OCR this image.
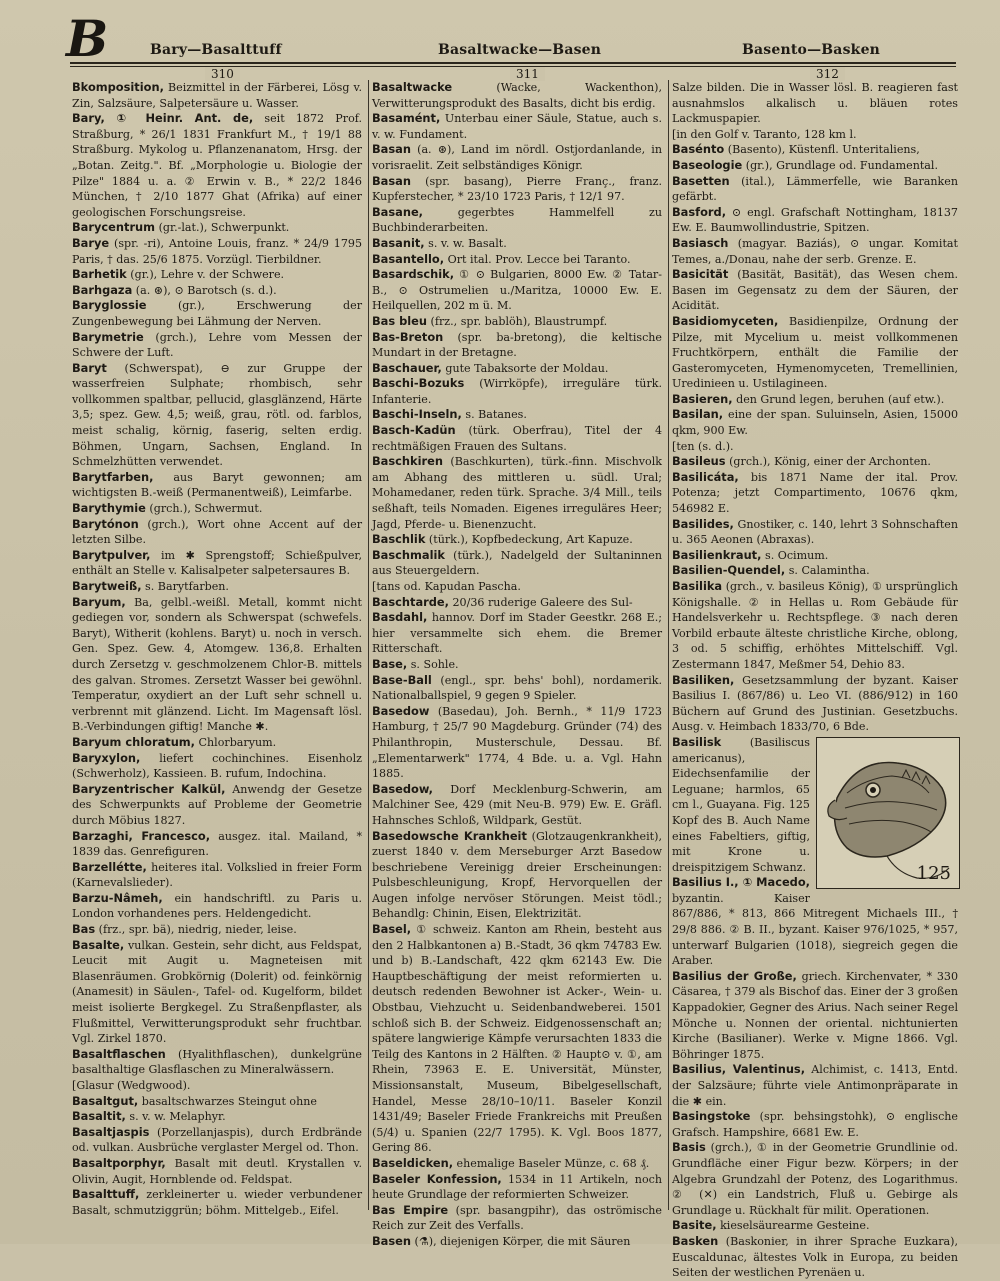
B	Bary—Basalttuff	Basaltwacke—Basen	Basento—Basken
310	311	312

Bkomposition, Beizmittel in der Färberei, Lösg v. Zin, Salzsäure, Salpetersäure u. Wasser.

Bary, ① Heinr. Ant. de, seit 1872 Prof. Straßburg, * 26/1 1831 Frankfurt M., † 19/1 88 Straßburg. Mykolog u. Pflanzenanatom, Hrsg. der „Botan. Zeitg.". Bf. „Morphologie u. Biologie der Pilze" 1884 u. a. ② Erwin v. B., * 22/2 1846 München, † 2/10 1877 Ghat (Afrika) auf einer geologischen Forschungsreise.

Barycentrum (gr.-lat.), Schwerpunkt.

Barye (spr. -ri), Antoine Louis, franz. * 24/9 1795 Paris, † das. 25/6 1875. Vorzügl. Tierbildner.

Barhetik (gr.), Lehre v. der Schwere.

Barhgaza (a. ⊛), ⊙ Barotsch (s. d.).

Baryglossie (gr.), Erschwerung der Zungenbewegung bei Lähmung der Nerven.

Barymetrie (grch.), Lehre vom Messen der Schwere der Luft.

Baryt (Schwerspat), ⊖ zur Gruppe der wasserfreien Sulphate; rhombisch, sehr vollkommen spaltbar, pellucid, glasglänzend, Härte 3,5; spez. Gew. 4,5; weiß, grau, rötl. od. farblos, meist schalig, körnig, faserig, selten erdig. Böhmen, Ungarn, Sachsen, England. In Schmelzhütten verwendet.

Barytfarben, aus Baryt gewonnen; am wichtigsten B.-weiß (Permanentweiß), Leimfarbe.

Barythymie (grch.), Schwermut.

Barytónon (grch.), Wort ohne Accent auf der letzten Silbe.

Barytpulver, im ✱ Sprengstoff; Schießpulver, enthält an Stelle v. Kalisalpeter salpetersaures B.

Barytweiß, s. Barytfarben.

Baryum, Ba, gelbl.-weißl. Metall, kommt nicht gediegen vor, sondern als Schwerspat (schwefels. Baryt), Witherit (kohlens. Baryt) u. noch in versch. Gen. Spez. Gew. 4, Atomgew. 136,8. Erhalten durch Zersetzg v. geschmolzenem Chlor-B. mittels des galvan. Stromes. Zersetzt Wasser bei gewöhnl. Temperatur, oxydiert an der Luft sehr schnell u. verbrennt mit glänzend. Licht. Im Magensaft lösl. B.-Verbindungen giftig! Manche ✱.

Baryum chloratum, Chlorbaryum.

Baryxylon, liefert cochinchines. Eisenholz (Schwerholz), Kassieen. B. rufum, Indochina.

Baryzentrischer Kalkül, Anwendg der Gesetze des Schwerpunkts auf Probleme der Geometrie durch Möbius 1827.

Barzaghi, Francesco, ausgez. ital. Mailand, * 1839 das. Genrefiguren.

Barzellétte, heiteres ital. Volkslied in freier Form (Karnevalslieder).

Barzu-Nâmeh, ein handschriftl. zu Paris u. London vorhandenes pers. Heldengedicht.

Bas (frz., spr. bä), niedrig, nieder, leise.

Basalte, vulkan. Gestein, sehr dicht, aus Feldspat, Leucit mit Augit u. Magneteisen mit Blasenräumen. Grobkörnig (Dolerit) od. feinkörnig (Anamesit) in Säulen-, Tafel- od. Kugelform, bildet meist isolierte Bergkegel. Zu Straßenpflaster, als Flußmittel, Verwitterungsprodukt sehr fruchtbar. Vgl. Zirkel 1870.

Basaltflaschen (Hyalithflaschen), dunkelgrüne basalthaltige Glasflaschen zu Mineralwässern.

[Glasur (Wedgwood).

Basaltgut, basaltschwarzes Steingut ohne

Basaltit, s. v. w. Melaphyr.

Basaltjaspis (Porzellanjaspis), durch Erdbrände od. vulkan. Ausbrüche verglaster Mergel od. Thon.

Basaltporphyr, Basalt mit deutl. Krystallen v. Olivin, Augit, Hornblende od. Feldspat.

Basalttuff, zerkleinerter u. wieder verbundener Basalt, schmutziggrün; böhm. Mittelgeb., Eifel.

Basaltwacke (Wacke, Wackenthon), Verwitterungsprodukt des Basalts, dicht bis erdig.

Basamént, Unterbau einer Säule, Statue, auch s. v. w. Fundament.

Basan (a. ⊛), Land im nördl. Ostjordanlande, in vorisraelit. Zeit selbständiges Königr.

Basan (spr. basang), Pierre Franç., franz. Kupferstecher, * 23/10 1723 Paris, † 12/1 97.

Basane, gegerbtes Hammelfell zu Buchbinderarbeiten.

Basanit, s. v. w. Basalt.

Basantello, Ort ital. Prov. Lecce bei Taranto.

Basardschik, ① ⊙ Bulgarien, 8000 Ew. ② Tatar-B., ⊙ Ostrumelien u./Maritza, 10000 Ew. E. Heilquellen, 202 m ü. M.

Bas bleu (frz., spr. bablöh), Blaustrumpf.

Bas-Breton (spr. ba-bretong), die keltische Mundart in der Bretagne.

Baschauer, gute Tabaksorte der Moldau.

Baschi-Bozuks (Wirrköpfe), irreguläre türk. Infanterie.

Baschi-Inseln, s. Batanes.

Basch-Kadün (türk. Oberfrau), Titel der 4 rechtmäßigen Frauen des Sultans.

Baschkiren (Baschkurten), türk.-finn. Mischvolk am Abhang des mittleren u. südl. Ural; Mohamedaner, reden türk. Sprache. 3/4 Mill., teils seßhaft, teils Nomaden. Eigenes irreguläres Heer; Jagd, Pferde- u. Bienenzucht.

Baschlik (türk.), Kopfbedeckung, Art Kapuze.

Baschmalik (türk.), Nadelgeld der Sultaninnen aus Steuergeldern.

[tans od. Kapudan Pascha.

Baschtarde, 20/36 ruderige Galeere des Sul-

Basdahl, hannov. Dorf im Stader Geestkr. 268 E.; hier versammelte sich ehem. die Bremer Ritterschaft.

Base, s. Sohle.

Base-Ball (engl., spr. behs' bohl), nordamerik. Nationalballspiel, 9 gegen 9 Spieler.

Basedow (Basedau), Joh. Bernh., * 11/9 1723 Hamburg, † 25/7 90 Magdeburg. Gründer (74) des Philanthropin, Musterschule, Dessau. Bf. „Elementarwerk" 1774, 4 Bde. u. a. Vgl. Hahn 1885.

Basedow, Dorf Mecklenburg-Schwerin, am Malchiner See, 429 (mit Neu-B. 979) Ew. E. Gräfl. Hahnsches Schloß, Wildpark, Gestüt.

Basedowsche Krankheit (Glotzaugenkrankheit), zuerst 1840 v. dem Merseburger Arzt Basedow beschriebene Vereinigg dreier Erscheinungen: Pulsbeschleunigung, Kropf, Hervorquellen der Augen infolge nervöser Störungen. Meist tödl.; Behandlg: Chinin, Eisen, Elektrizität.

Basel, ① schweiz. Kanton am Rhein, besteht aus den 2 Halbkantonen a) B.-Stadt, 36 qkm 74783 Ew. und b) B.-Landschaft, 422 qkm 62143 Ew. Die Hauptbeschäftigung der meist reformierten u. deutsch redenden Bewohner ist Acker-, Wein- u. Obstbau, Viehzucht u. Seidenbandweberei. 1501 schloß sich B. der Schweiz. Eidgenossenschaft an; spätere langwierige Kämpfe verursachten 1833 die Teilg des Kantons in 2 Hälften. ② Haupt⊙ v. ①, am Rhein, 73963 E. E. Universität, Münster, Missionsanstalt, Museum, Bibelgesellschaft, Handel, Messe 28/10–10/11. Baseler Konzil 1431/49; Baseler Friede Frankreichs mit Preußen (5/4) u. Spanien (22/7 1795). K. Vgl. Boos 1877, Gering 86.

Baseldicken, ehemalige Baseler Münze, c. 68 ₰.

Baseler Konfession, 1534 in 11 Artikeln, noch heute Grundlage der reformierten Schweizer.

Bas Empire (spr. basangpihr), das oströmische Reich zur Zeit des Verfalls.

Basen (⚗), diejenigen Körper, die mit Säuren

Salze bilden. Die in Wasser lösl. B. reagieren fast ausnahmslos alkalisch u. bläuen rotes Lackmuspapier.

[in den Golf v. Taranto, 128 km l.

Basénto (Basento), Küstenfl. Unteritaliens,

Baseologie (gr.), Grundlage od. Fundamental.

Basetten (ital.), Lämmerfelle, wie Baranken gefärbt.

Basford, ⊙ engl. Grafschaft Nottingham, 18137 Ew. E. Baumwollindustrie, Spitzen.

Basiasch (magyar. Baziás), ⊙ ungar. Komitat Temes, a./Donau, nahe der serb. Grenze. E.

Basicität (Basität, Basität), das Wesen chem. Basen im Gegensatz zu dem der Säuren, der Acidität.

Basidiomyceten, Basidienpilze, Ordnung der Pilze, mit Mycelium u. meist vollkommenen Fruchtkörpern, enthält die Familie der Gasteromyceten, Hymenomyceten, Tremellinien, Uredinieen u. Ustilagineen.

Basieren, den Grund legen, beruhen (auf etw.).

Basilan, eine der span. Suluinseln, Asien, 15000 qkm, 900 Ew.

[ten (s. d.).

Basileus (grch.), König, einer der Archonten.

Basilicáta, bis 1871 Name der ital. Prov. Potenza; jetzt Compartimento, 10676 qkm, 546982 E.

Basilides, Gnostiker, c. 140, lehrt 3 Sohnschaften u. 365 Aeonen (Abraxas).

Basilienkraut, s. Ocimum.

Basilien-Quendel, s. Calamintha.

Basilika (grch., v. basileus König), ① ursprünglich Königshalle. ② in Hellas u. Rom Gebäude für Handelsverkehr u. Rechtspflege. ③ nach deren Vorbild erbaute älteste christliche Kirche, oblong, 3 od. 5 schiffig, erhöhtes Mittelschiff. Vgl. Zestermann 1847, Meßmer 54, Dehio 83.

Basiliken, Gesetzsammlung der byzant. Kaiser Basilius I. (867/86) u. Leo VI. (886/912) in 160 Büchern auf Grund des Justinian. Gesetzbuchs. Ausg. v. Heimbach 1833/70, 6 Bde.

125
Basilisk (Basiliscus americanus), Eidechsenfamilie der Leguane; harmlos, 65 cm l., Guayana. Fig. 125 Kopf des B. Auch Name eines Fabeltiers, giftig, mit Krone u. dreispitzigem Schwanz.

Basilius I., ① Macedo, byzantin. Kaiser 867/886, * 813, 866 Mitregent Michaels III., † 29/8 886. ② B. II., byzant. Kaiser 976/1025, * 957, unterwarf Bulgarien (1018), siegreich gegen die Araber.

Basilius der Große, griech. Kirchenvater, * 330 Cäsarea, † 379 als Bischof das. Einer der 3 großen Kappadokier, Gegner des Arius. Nach seiner Regel Mönche u. Nonnen der oriental. nichtunierten Kirche (Basilianer). Werke v. Migne 1866. Vgl. Böhringer 1875.

Basilius, Valentinus, Alchimist, c. 1413, Entd. der Salzsäure; führte viele Antimonpräparate in die ✱ ein.

Basingstoke (spr. behsingstohk), ⊙ englische Grafsch. Hampshire, 6681 Ew. E.

Basis (grch.), ① in der Geometrie Grundlinie od. Grundfläche einer Figur bezw. Körpers; in der Algebra Grundzahl der Potenz, des Logarithmus. ② (✕) ein Landstrich, Fluß u. Gebirge als Grundlage u. Rückhalt für milit. Operationen.

Basite, kieselsäurearme Gesteine.

Basken (Baskonier, in ihrer Sprache Euzkara), Euscaldunac, ältestes Volk in Europa, zu beiden Seiten der westlichen Pyrenäen u.
